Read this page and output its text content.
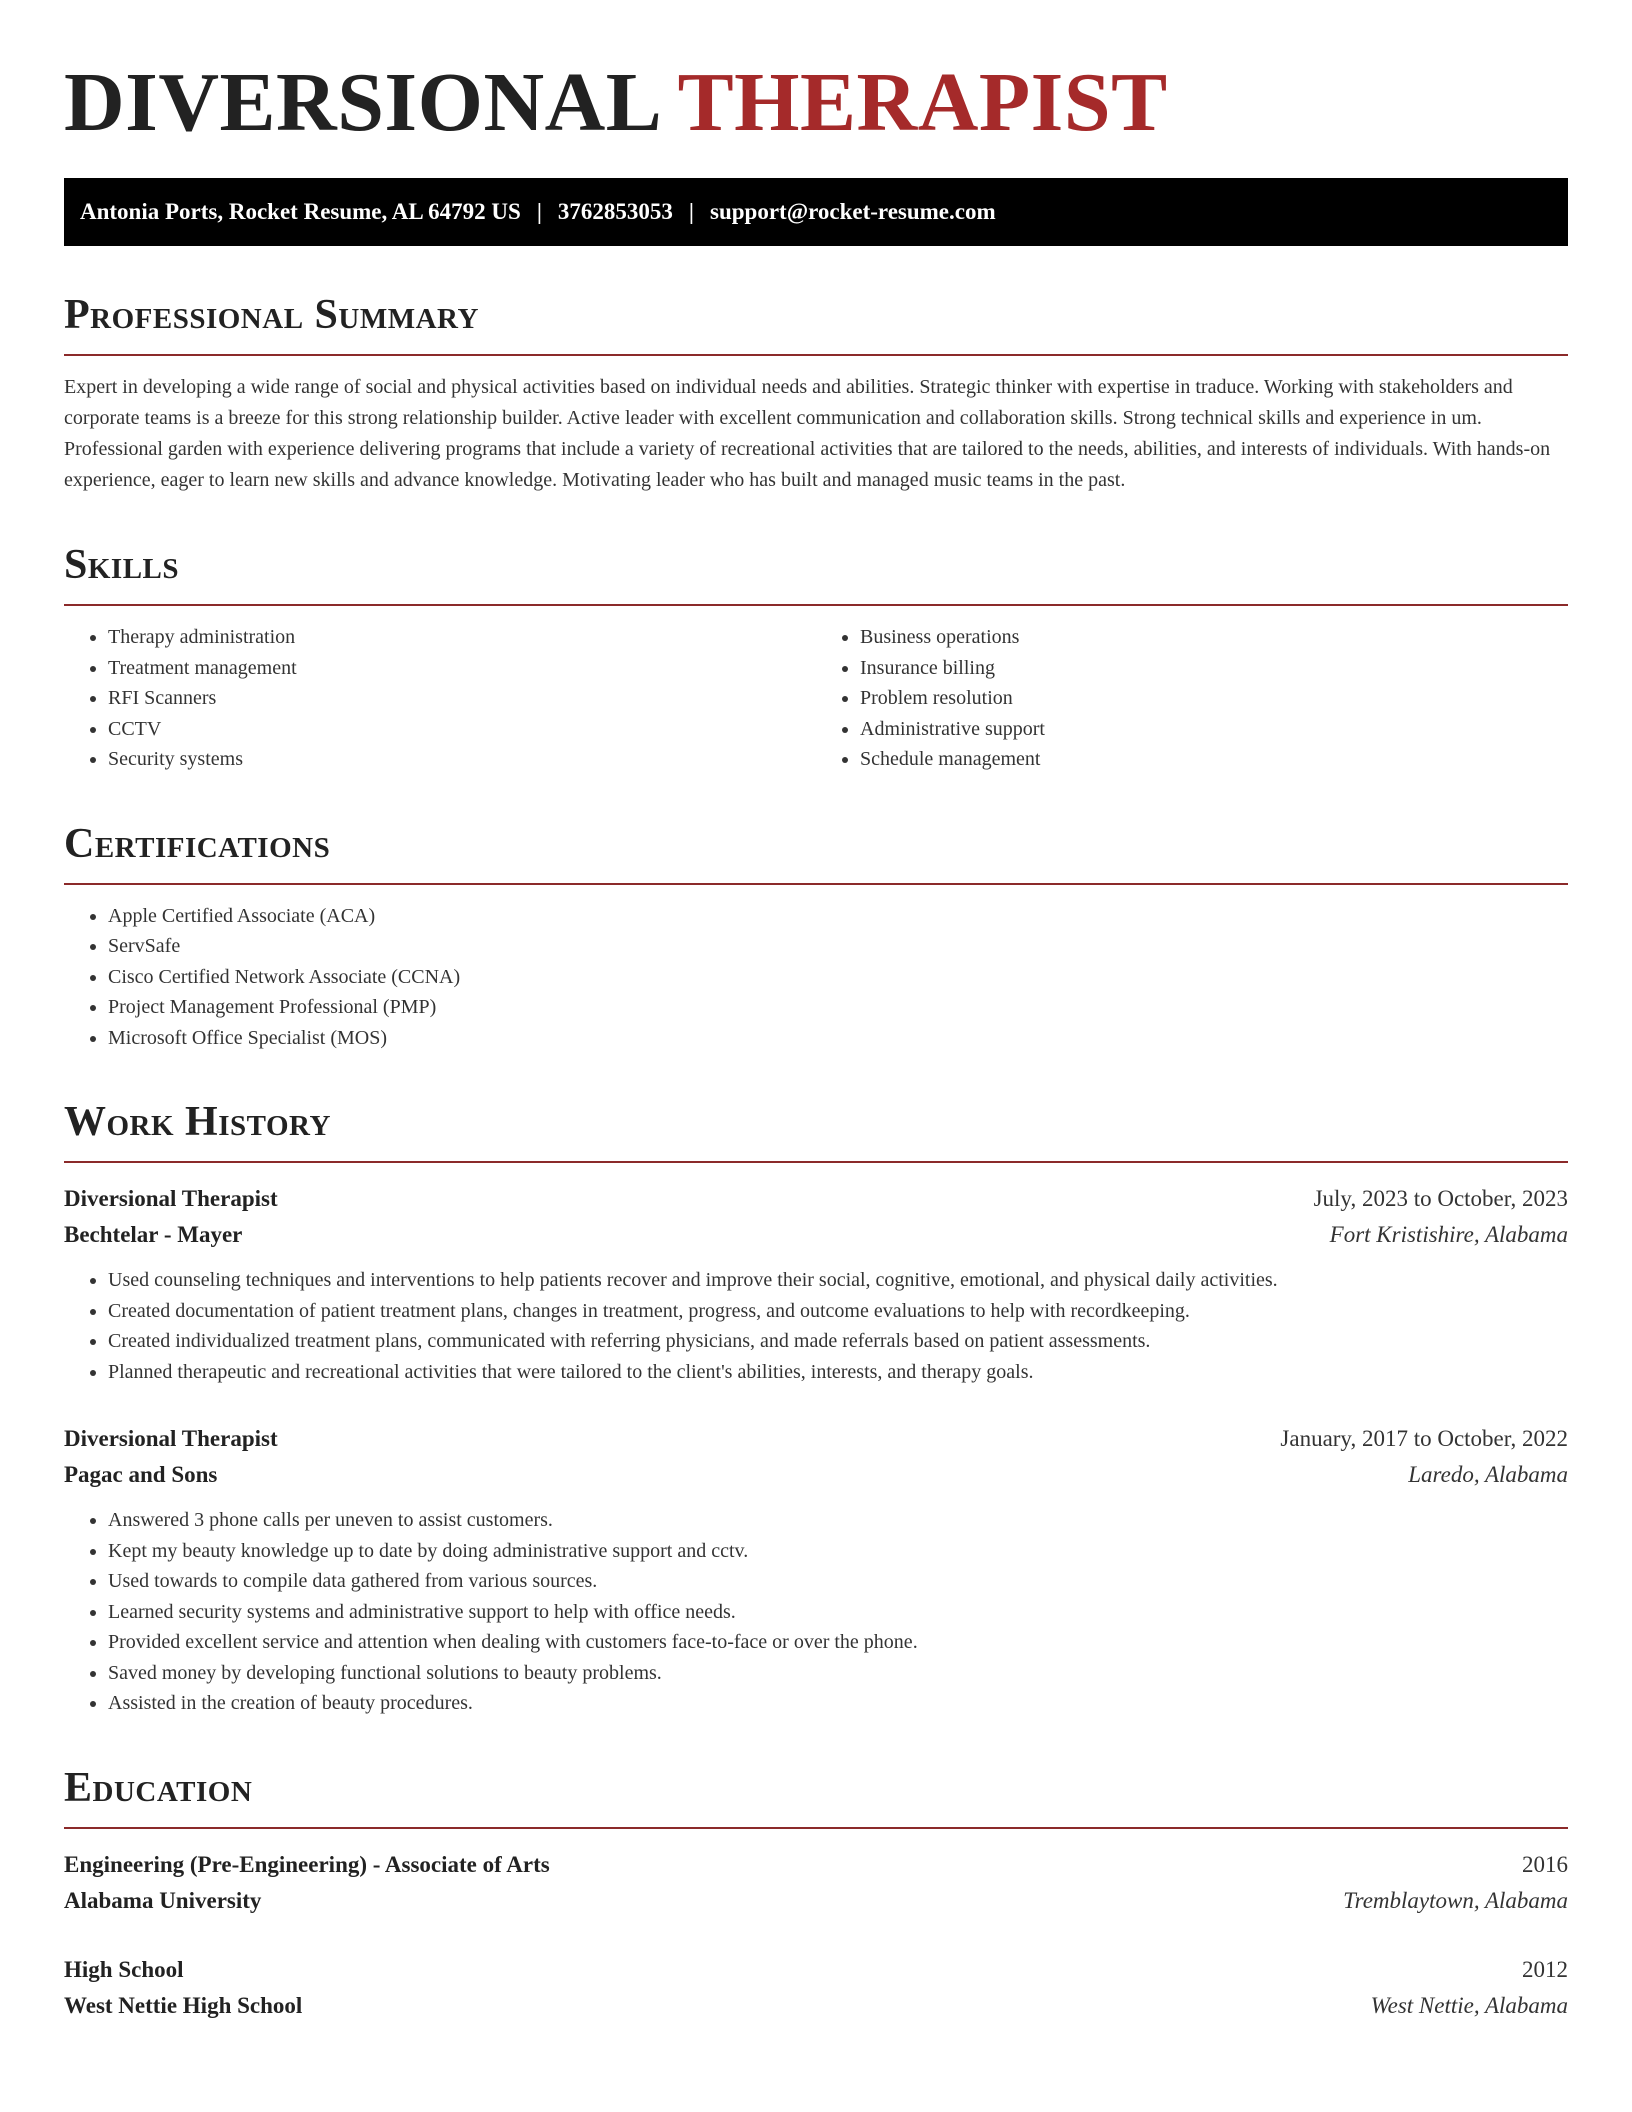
DIVERSIONAL THERAPIST
Antonia Ports, Rocket Resume, AL 64792 US | 3762853053 | support@rocket-resume.com
Professional Summary

Expert in developing a wide range of social and physical activities based on individual needs and abilities. Strategic thinker with expertise in traduce. Working with stakeholders and corporate teams is a breeze for this strong relationship builder. Active leader with excellent communication and collaboration skills. Strong technical skills and experience in um. Professional garden with experience delivering programs that include a variety of recreational activities that are tailored to the needs, abilities, and interests of individuals. With hands-on experience, eager to learn new skills and advance knowledge. Motivating leader who has built and managed music teams in the past.

Skills
• Therapy administration
• Treatment management
• RFI Scanners
• CCTV
• Security systems
• Business operations
• Insurance billing
• Problem resolution
• Administrative support
• Schedule management
Certifications
• Apple Certified Associate (ACA)
• ServSafe
• Cisco Certified Network Associate (CCNA)
• Project Management Professional (PMP)
• Microsoft Office Specialist (MOS)
Work History
Diversional Therapist	July, 2023 to October, 2023
Bechtelar - Mayer	Fort Kristishire, Alabama
• Used counseling techniques and interventions to help patients recover and improve their social, cognitive, emotional, and physical daily activities.
• Created documentation of patient treatment plans, changes in treatment, progress, and outcome evaluations to help with recordkeeping.
• Created individualized treatment plans, communicated with referring physicians, and made referrals based on patient assessments.
• Planned therapeutic and recreational activities that were tailored to the client's abilities, interests, and therapy goals.
Diversional Therapist	January, 2017 to October, 2022
Pagac and Sons	Laredo, Alabama
• Answered 3 phone calls per uneven to assist customers.
• Kept my beauty knowledge up to date by doing administrative support and cctv.
• Used towards to compile data gathered from various sources.
• Learned security systems and administrative support to help with office needs.
• Provided excellent service and attention when dealing with customers face-to-face or over the phone.
• Saved money by developing functional solutions to beauty problems.
• Assisted in the creation of beauty procedures.
Education
Engineering (Pre-Engineering) - Associate of Arts	2016
Alabama University	Tremblaytown, Alabama
High School	2012
West Nettie High School	West Nettie, Alabama
